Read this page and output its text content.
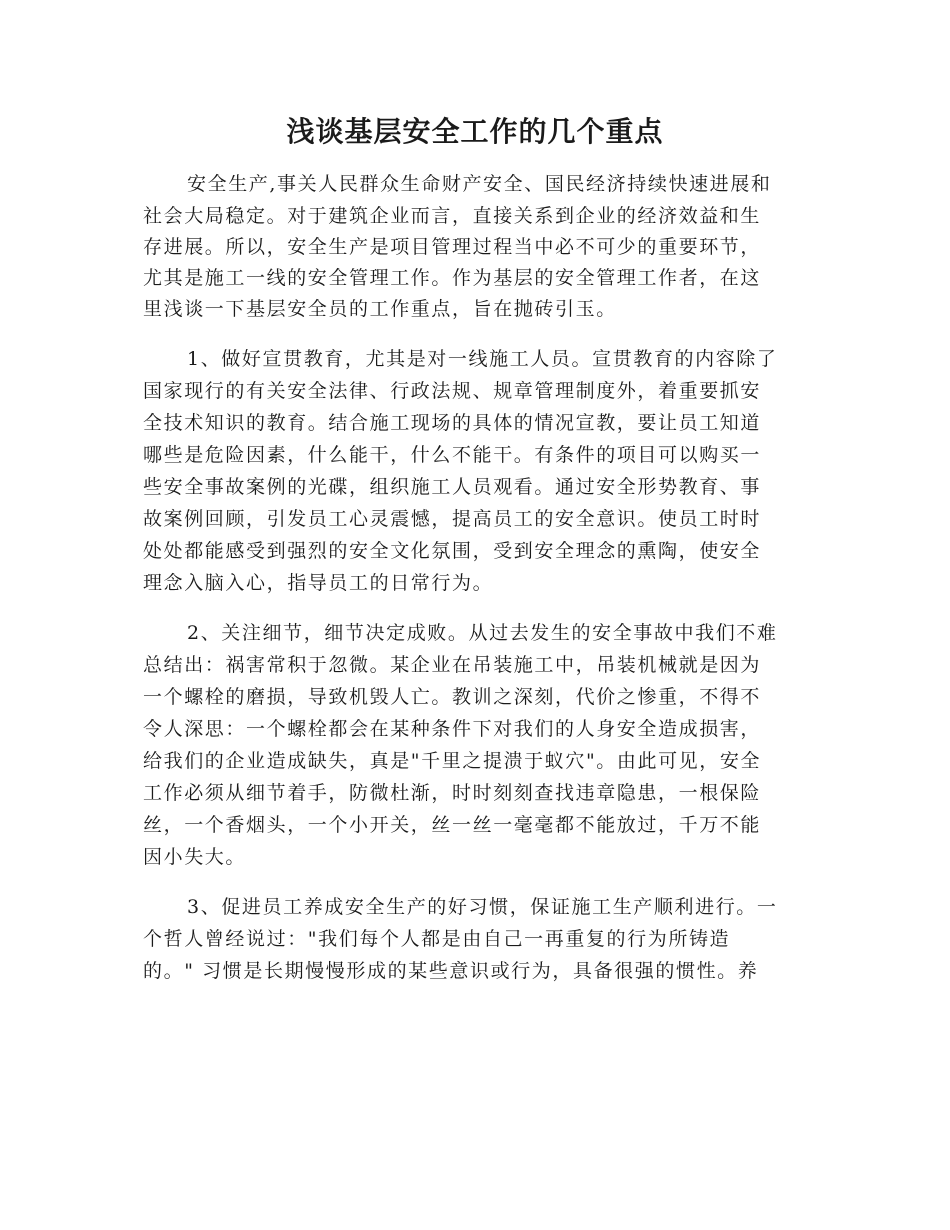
浅谈基层安全工作的几个重点
安全生产,事关人民群众生命财产安全、国民经济持续快速进展和
社会大局稳定。对于建筑企业而言，直接关系到企业的经济效益和生
存进展。所以，安全生产是项目管理过程当中必不可少的重要环节，
尤其是施工一线的安全管理工作。作为基层的安全管理工作者，在这
里浅谈一下基层安全员的工作重点，旨在抛砖引玉。
1、做好宣贯教育，尤其是对一线施工人员。宣贯教育的内容除了
国家现行的有关安全法律、行政法规、规章管理制度外，着重要抓安
全技术知识的教育。结合施工现场的具体的情况宣教，要让员工知道
哪些是危险因素，什么能干，什么不能干。有条件的项目可以购买一
些安全事故案例的光碟，组织施工人员观看。通过安全形势教育、事
故案例回顾，引发员工心灵震憾，提高员工的安全意识。使员工时时
处处都能感受到强烈的安全文化氛围，受到安全理念的熏陶，使安全
理念入脑入心，指导员工的日常行为。
2、关注细节，细节决定成败。从过去发生的安全事故中我们不难
总结出：祸害常积于忽微。某企业在吊装施工中，吊装机械就是因为
一个螺栓的磨损，导致机毁人亡。教训之深刻，代价之惨重，不得不
令人深思：一个螺栓都会在某种条件下对我们的人身安全造成损害，
给我们的企业造成缺失，真是"千里之提溃于蚁穴"。由此可见，安全
工作必须从细节着手，防微杜渐，时时刻刻查找违章隐患，一根保险
丝，一个香烟头，一个小开关，丝一丝一毫毫都不能放过，千万不能
因小失大。
3、促进员工养成安全生产的好习惯，保证施工生产顺利进行。一
个哲人曾经说过："我们每个人都是由自己一再重复的行为所铸造
的。" 习惯是长期慢慢形成的某些意识或行为，具备很强的惯性。养
